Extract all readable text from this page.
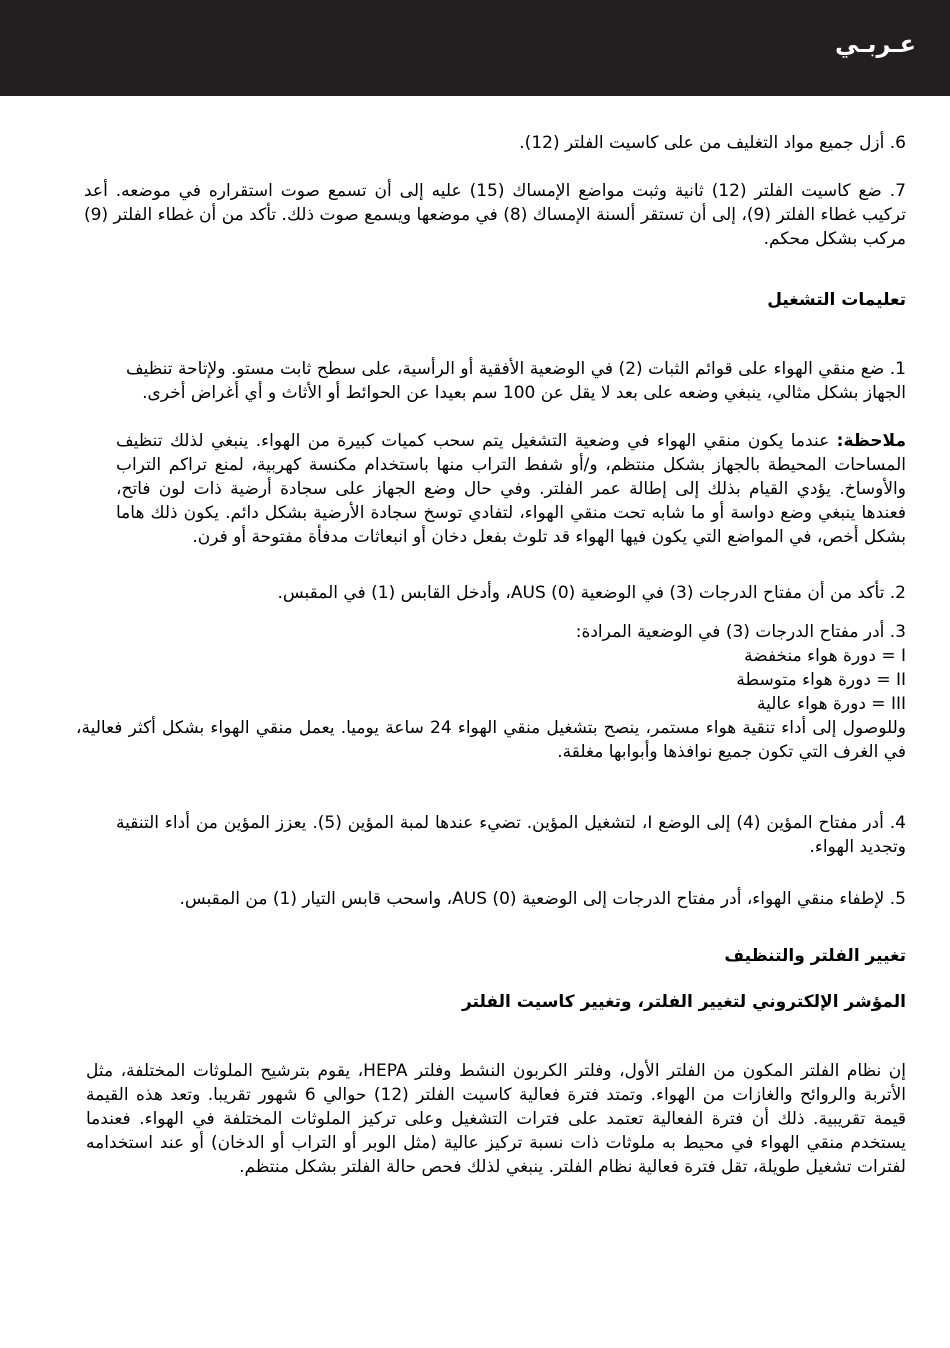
عـربـي

6. أزل جميع مواد التغليف من على كاسيت الفلتر (12).

7. ضع كاسيت الفلتر (12) ثانية وثبت مواضع الإمساك (15) عليه إلى أن تسمع صوت استقراره في موضعه. أعد تركيب غطاء الفلتر (9)، إلى أن تستقر ألسنة الإمساك (8) في موضعها ويسمع صوت ذلك. تأكد من أن غطاء الفلتر (9) مركب بشكل محكم.

تعليمات التشغيل

1. ضع منقي الهواء على قوائم الثبات (2) في الوضعية الأفقية أو الرأسية، على سطح ثابت مستو. ولإتاحة تنظيف الجهاز بشكل مثالي، ينبغي وضعه على بعد لا يقل عن 100 سم بعيدا عن الحوائط أو الأثاث و أي أغراض أخرى.

ملاحظة: عندما يكون منقي الهواء في وضعية التشغيل يتم سحب كميات كبيرة من الهواء. ينبغي لذلك تنظيف المساحات المحيطة بالجهاز بشكل منتظم، و/أو شفط التراب منها باستخدام مكنسة كهربية، لمنع تراكم التراب والأوساخ. يؤدي القيام بذلك إلى إطالة عمر الفلتر. وفي حال وضع الجهاز على سجادة أرضية ذات لون فاتح، فعندها ينبغي وضع دواسة أو ما شابه تحت منقي الهواء، لتفادي توسخ سجادة الأرضية بشكل دائم. يكون ذلك هاما بشكل أخص، في المواضع التي يكون فيها الهواء قد تلوث بفعل دخان أو انبعاثات مدفأة مفتوحة أو فرن.

2. تأكد من أن مفتاح الدرجات (3) في الوضعية (0) AUS، وأدخل القابس (1) في المقبس.

3. أدر مفتاح الدرجات (3) في الوضعية المرادة:
I = دورة هواء منخفضة
II = دورة هواء متوسطة
III = دورة هواء عالية
وللوصول إلى أداء تنقية هواء مستمر، ينصح بتشغيل منقي الهواء 24 ساعة يوميا. يعمل منقي الهواء بشكل أكثر فعالية، في الغرف التي تكون جميع نوافذها وأبوابها مغلقة.

4. أدر مفتاح المؤين (4) إلى الوضع I، لتشغيل المؤين. تضيء عندها لمبة المؤين (5). يعزز المؤين من أداء التنقية وتجديد الهواء.

5. لإطفاء منقي الهواء، أدر مفتاح الدرجات إلى الوضعية (0) AUS، واسحب قابس التيار (1) من المقبس.

تغيير الفلتر والتنظيف

المؤشر الإلكتروني لتغيير الفلتر، وتغيير كاسيت الفلتر

إن نظام الفلتر المكون من الفلتر الأول، وفلتر الكربون النشط وفلتر HEPA، يقوم بترشيح الملوثات المختلفة، مثل الأتربة والروائح والغازات من الهواء. وتمتد فترة فعالية كاسيت الفلتر (12) حوالي 6 شهور تقريبا. وتعد هذه القيمة قيمة تقريبية. ذلك أن فترة الفعالية تعتمد على فترات التشغيل وعلى تركيز الملوثات المختلفة في الهواء. فعندما يستخدم منقي الهواء في محيط به ملوثات ذات نسبة تركيز عالية (مثل الوبر أو التراب أو الدخان) أو عند استخدامه لفترات تشغيل طويلة، تقل فترة فعالية نظام الفلتر. ينبغي لذلك فحص حالة الفلتر بشكل منتظم.
